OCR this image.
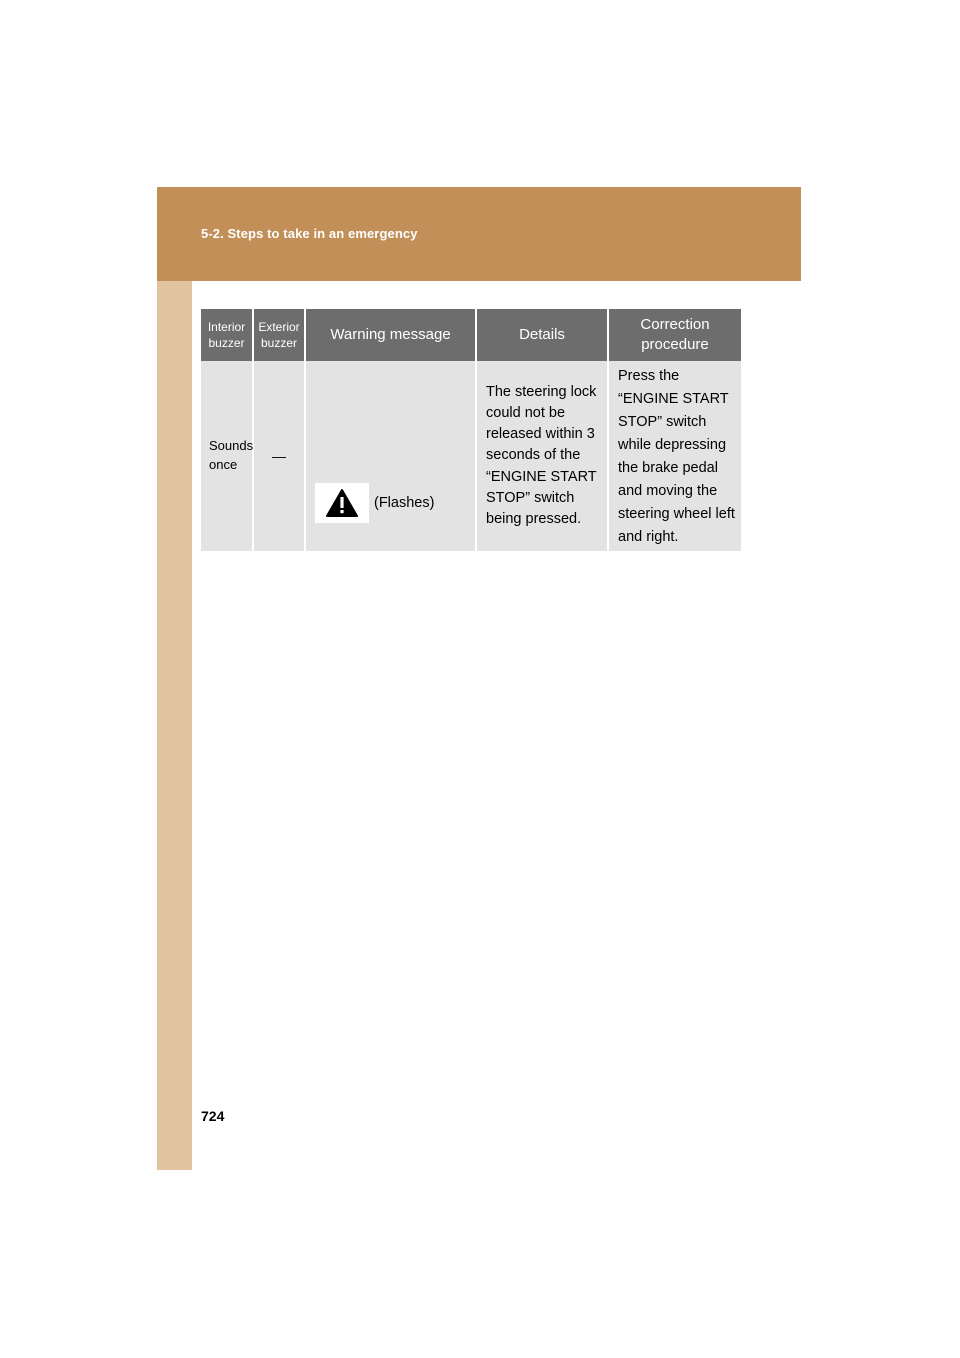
5-2. Steps to take in an emergency
Interior buzzer	Exterior buzzer	Warning message	Details	Correction procedure
Sounds once	—	(Flashes)	The steering lock could not be released within 3 seconds of the “ENGINE START STOP” switch being pressed.	Press the “ENGINE START STOP” switch while depressing the brake pedal and moving the steering wheel left and right.
724
